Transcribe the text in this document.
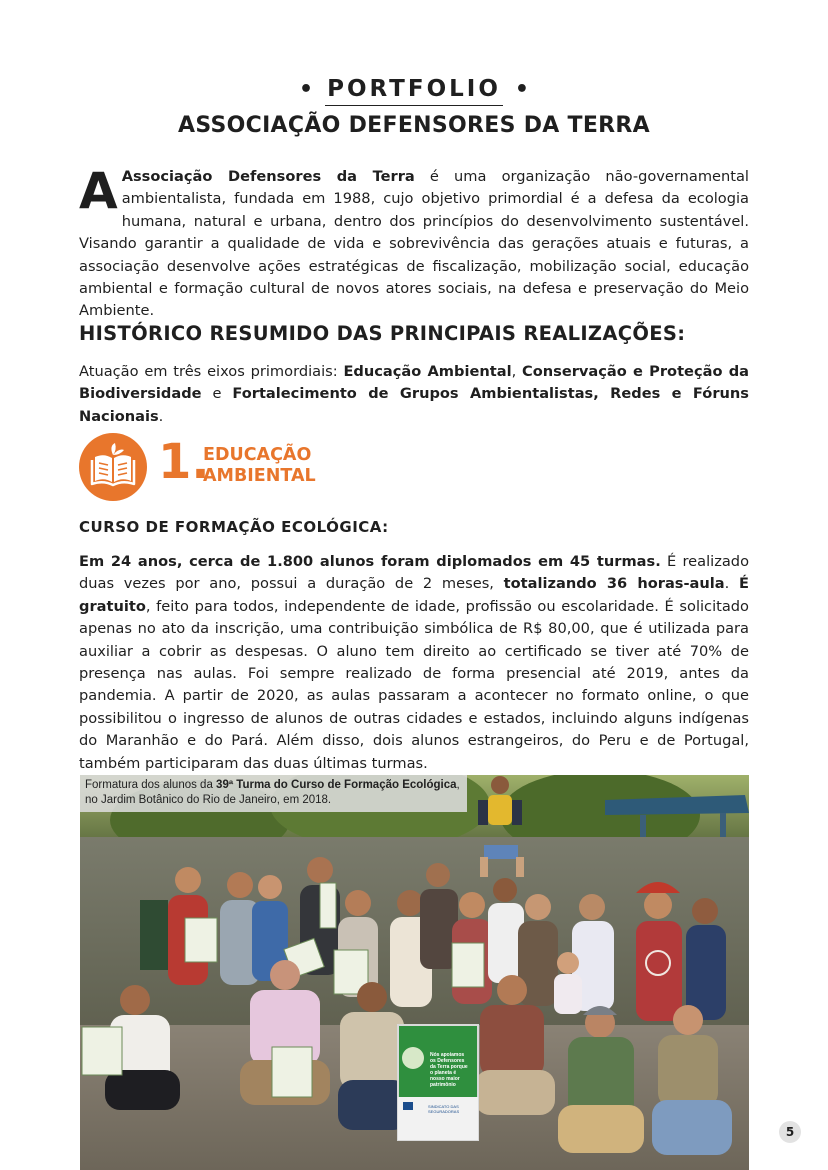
• PORTFOLIO •
ASSOCIAÇÃO DEFENSORES DA TERRA
A Associação Defensores da Terra é uma organização não-governamental ambientalista, fundada em 1988, cujo objetivo primordial é a defesa da ecologia humana, natural e urbana, dentro dos princípios do desenvolvimento sustentável. Visando garantir a qualidade de vida e sobrevivência das gerações atuais e futuras, a associação desenvolve ações estratégicas de fiscalização, mobilização social, educação ambiental e formação cultural de novos atores sociais, na defesa e preservação do Meio Ambiente.
HISTÓRICO RESUMIDO DAS PRINCIPAIS REALIZAÇÕES:
Atuação em três eixos primordiais: Educação Ambiental, Conservação e Proteção da Biodiversidade e Fortalecimento de Grupos Ambientalistas, Redes e Fóruns Nacionais.
1.
EDUCAÇÃO
AMBIENTAL
CURSO DE FORMAÇÃO ECOLÓGICA:
Em 24 anos, cerca de 1.800 alunos foram diplomados em 45 turmas. É realizado duas vezes por ano, possui a duração de 2 meses, totalizando 36 horas-aula. É gratuito, feito para todos, independente de idade, profissão ou escolaridade. É solicitado apenas no ato da inscrição, uma contribuição simbólica de R$ 80,00, que é utilizada para auxiliar a cobrir as despesas. O aluno tem direito ao certificado se tiver até 70% de presença nas aulas. Foi sempre realizado de forma presencial até 2019, antes da pandemia. A partir de 2020, as aulas passaram a acontecer no formato online, o que possibilitou o ingresso de alunos de outras cidades e estados, incluindo alguns indígenas do Maranhão e do Pará. Além disso, dois alunos estrangeiros, do Peru e de Portugal, também participaram das duas últimas turmas.
Formatura dos alunos da 39ª Turma do Curso de Formação Ecológica,
no Jardim Botânico do Rio de Janeiro, em 2018.
Nós apoiamos os Defensores da Terra porque o planeta é nosso maior patrimônio
SINDICATO DAS SEGURADORAS
5
